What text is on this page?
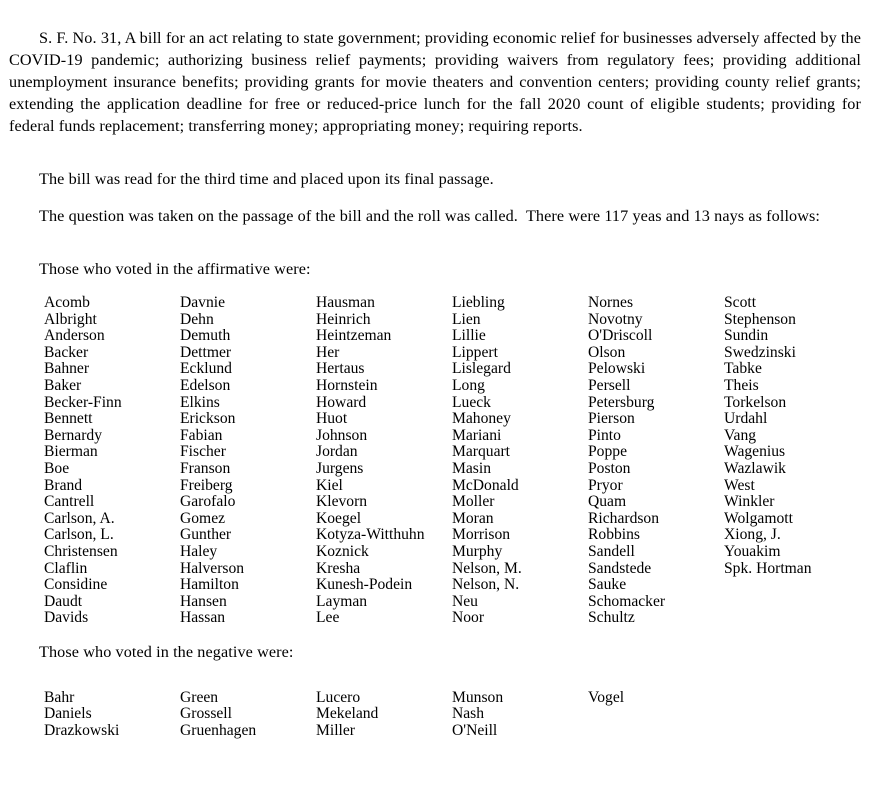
S. F. No. 31, A bill for an act relating to state government; providing economic relief for businesses adversely affected by the COVID-19 pandemic; authorizing business relief payments; providing waivers from regulatory fees; providing additional unemployment insurance benefits; providing grants for movie theaters and convention centers; providing county relief grants; extending the application deadline for free or reduced-price lunch for the fall 2020 count of eligible students; providing for federal funds replacement; transferring money; appropriating money; requiring reports.

The bill was read for the third time and placed upon its final passage.

The question was taken on the passage of the bill and the roll was called.  There were 117 yeas and 13 nays as follows:

Those who voted in the affirmative were:

Acomb
Albright
Anderson
Backer
Bahner
Baker
Becker-Finn
Bennett
Bernardy
Bierman
Boe
Brand
Cantrell
Carlson, A.
Carlson, L.
Christensen
Claflin
Considine
Daudt
Davids
Davnie
Dehn
Demuth
Dettmer
Ecklund
Edelson
Elkins
Erickson
Fabian
Fischer
Franson
Freiberg
Garofalo
Gomez
Gunther
Haley
Halverson
Hamilton
Hansen
Hassan
Hausman
Heinrich
Heintzeman
Her
Hertaus
Hornstein
Howard
Huot
Johnson
Jordan
Jurgens
Kiel
Klevorn
Koegel
Kotyza-Witthuhn
Koznick
Kresha
Kunesh-Podein
Layman
Lee
Liebling
Lien
Lillie
Lippert
Lislegard
Long
Lueck
Mahoney
Mariani
Marquart
Masin
McDonald
Moller
Moran
Morrison
Murphy
Nelson, M.
Nelson, N.
Neu
Noor
Nornes
Novotny
O'Driscoll
Olson
Pelowski
Persell
Petersburg
Pierson
Pinto
Poppe
Poston
Pryor
Quam
Richardson
Robbins
Sandell
Sandstede
Sauke
Schomacker
Schultz
Scott
Stephenson
Sundin
Swedzinski
Tabke
Theis
Torkelson
Urdahl
Vang
Wagenius
Wazlawik
West
Winkler
Wolgamott
Xiong, J.
Youakim
Spk. Hortman

Those who voted in the negative were:

Bahr
Daniels
Drazkowski
Green
Grossell
Gruenhagen
Lucero
Mekeland
Miller
Munson
Nash
O'Neill
Vogel
